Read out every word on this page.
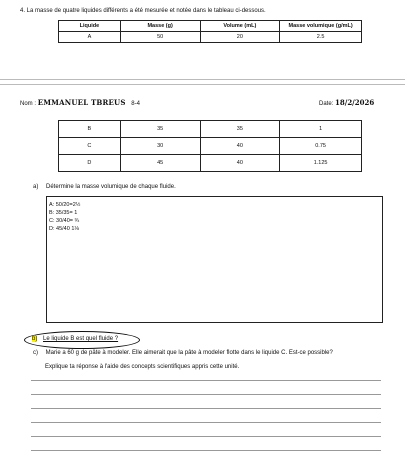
4. La masse de quatre liquides différents a été mesurée et notée dans le tableau ci-dessous.
Liquide	Masse (g)	Volume (mL)	Masse volumique (g/mL)
A	50	20	2.5
Nom : EMMANUEL TBREUS 8-4	Date: 18/2/2026
B	35	35	1
C	30	40	0.75
D	45	40	1.125
a) Détermine la masse volumique de chaque fluide.
A: 50/20=2½
B: 35/35= 1
C: 30/40= ¾
D: 45/40 1⅛
b) Le liquide B est quel fluide ?
c) Marie a 60 g de pâte à modeler. Elle aimerait que la pâte à modeler flotte dans le liquide C. Est-ce possible?
Explique ta réponse à l'aide des concepts scientifiques appris cette unité.
